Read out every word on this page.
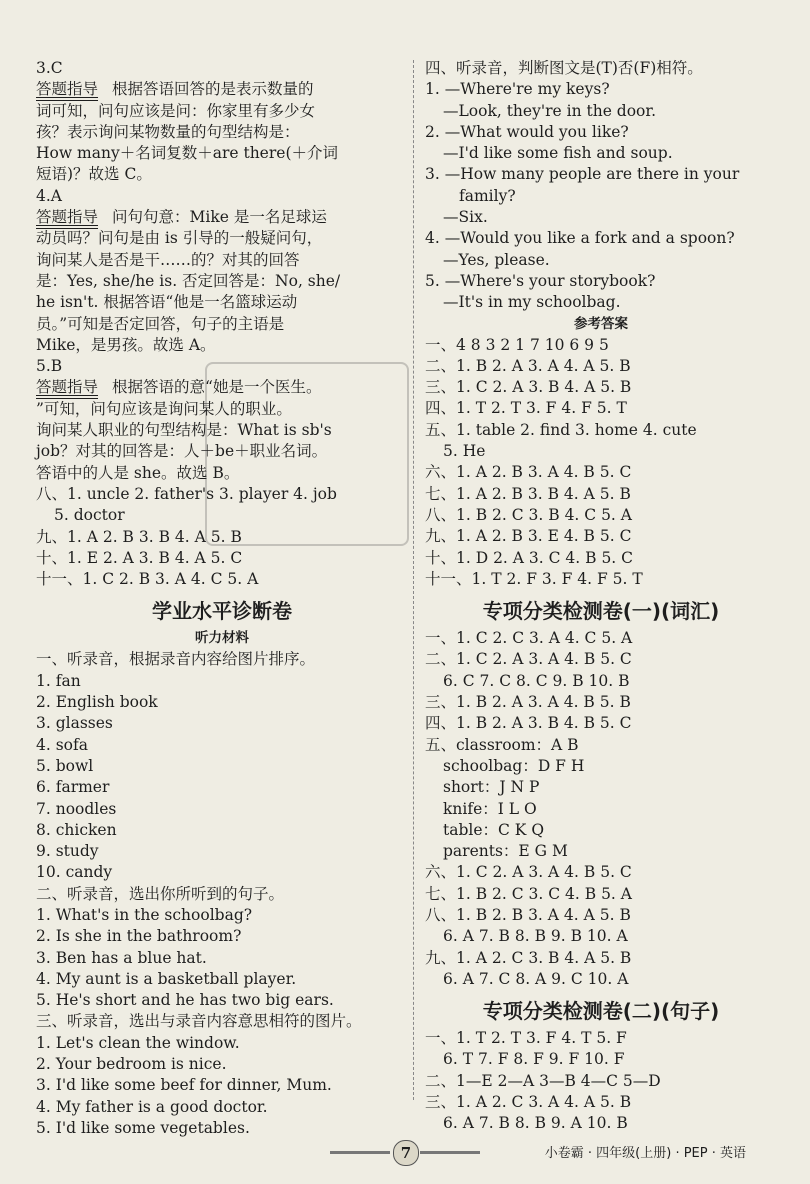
3.C
答题指导 根据答语回答的是表示数量的
词可知，问句应该是问：你家里有多少女
孩？表示询问某物数量的句型结构是：
How many＋名词复数＋are there(＋介词
短语)？故选 C。
4.A
答题指导 问句句意：Mike 是一名足球运
动员吗？问句是由 is 引导的一般疑问句，
询问某人是否是干……的？对其的回答
是：Yes, she/he is. 否定回答是：No, she/
he isn't. 根据答语“他是一名篮球运动
员。”可知是否定回答，句子的主语是
Mike，是男孩。故选 A。
5.B
答题指导 根据答语的意“她是一个医生。
”可知，问句应该是询问某人的职业。
询问某人职业的句型结构是：What is sb's
job？对其的回答是：人＋be＋职业名词。
答语中的人是 she。故选 B。
八、1. uncle 2. father's 3. player 4. job
5. doctor
九、1. A 2. B 3. B 4. A 5. B
十、1. E 2. A 3. B 4. A 5. C
十一、1. C 2. B 3. A 4. C 5. A
学业水平诊断卷
听力材料
一、听录音，根据录音内容给图片排序。
1. fan
2. English book
3. glasses
4. sofa
5. bowl
6. farmer
7. noodles
8. chicken
9. study
10. candy
二、听录音，选出你所听到的句子。
1. What's in the schoolbag?
2. Is she in the bathroom?
3. Ben has a blue hat.
4. My aunt is a basketball player.
5. He's short and he has two big ears.
三、听录音，选出与录音内容意思相符的图片。
1. Let's clean the window.
2. Your bedroom is nice.
3. I'd like some beef for dinner, Mum.
4. My father is a good doctor.
5. I'd like some vegetables.
四、听录音，判断图文是(T)否(F)相符。
1. —Where're my keys?
—Look, they're in the door.
2. —What would you like?
—I'd like some fish and soup.
3. —How many people are there in your
family?
—Six.
4. —Would you like a fork and a spoon?
—Yes, please.
5. —Where's your storybook?
—It's in my schoolbag.
参考答案
一、4 8 3 2 1 7 10 6 9 5
二、1. B 2. A 3. A 4. A 5. B
三、1. C 2. A 3. B 4. A 5. B
四、1. T 2. T 3. F 4. F 5. T
五、1. table 2. find 3. home 4. cute
5. He
六、1. A 2. B 3. A 4. B 5. C
七、1. A 2. B 3. B 4. A 5. B
八、1. B 2. C 3. B 4. C 5. A
九、1. A 2. B 3. E 4. B 5. C
十、1. D 2. A 3. C 4. B 5. C
十一、1. T 2. F 3. F 4. F 5. T
专项分类检测卷(一)(词汇)
一、1. C 2. C 3. A 4. C 5. A
二、1. C 2. A 3. A 4. B 5. C
6. C 7. C 8. C 9. B 10. B
三、1. B 2. A 3. A 4. B 5. B
四、1. B 2. A 3. B 4. B 5. C
五、classroom：A B
schoolbag：D F H
short：J N P
knife：I L O
table：C K Q
parents：E G M
六、1. C 2. A 3. A 4. B 5. C
七、1. B 2. C 3. C 4. B 5. A
八、1. B 2. B 3. A 4. A 5. B
6. A 7. B 8. B 9. B 10. A
九、1. A 2. C 3. B 4. A 5. B
6. A 7. C 8. A 9. C 10. A
专项分类检测卷(二)(句子)
一、1. T 2. T 3. F 4. T 5. F
6. T 7. F 8. F 9. F 10. F
二、1—E 2—A 3—B 4—C 5—D
三、1. A 2. C 3. A 4. A 5. B
6. A 7. B 8. B 9. A 10. B
7	小卷霸 · 四年级(上册) · PEP · 英语
